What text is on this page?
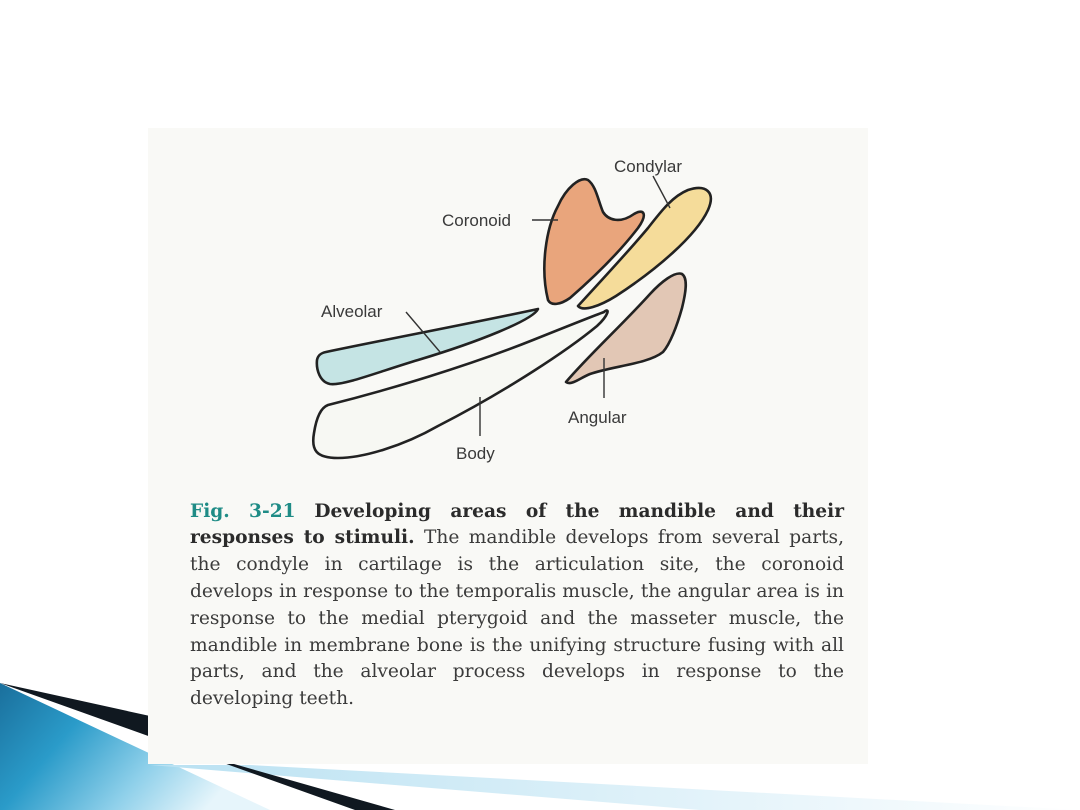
Condylar
Coronoid
Alveolar
Angular
Body

Fig. 3-21 Developing areas of the mandible and their responses to stimuli. The mandible develops from several parts, the condyle in cartilage is the articulation site, the coronoid develops in response to the temporalis muscle, the angular area is in response to the medial pterygoid and the masseter muscle, the mandible in membrane bone is the unifying structure fusing with all parts, and the alveolar process develops in response to the developing teeth.
